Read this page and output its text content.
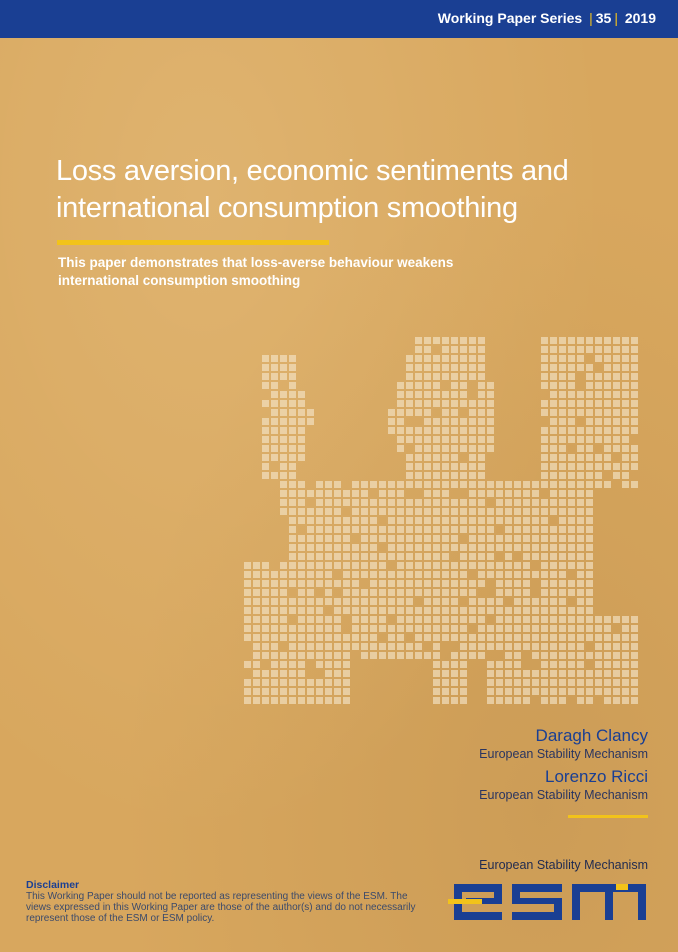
Working Paper Series | 35 | 2019
Loss aversion, economic sentiments and international consumption smoothing
This paper demonstrates that loss-averse behaviour weakens international consumption smoothing
Daragh Clancy
European Stability Mechanism
Lorenzo Ricci
European Stability Mechanism
Disclaimer
This Working Paper should not be reported as representing the views of the ESM. The views expressed in this Working Paper are those of the author(s) and do not necessarily represent those of the ESM or ESM policy.
European Stability Mechanism
